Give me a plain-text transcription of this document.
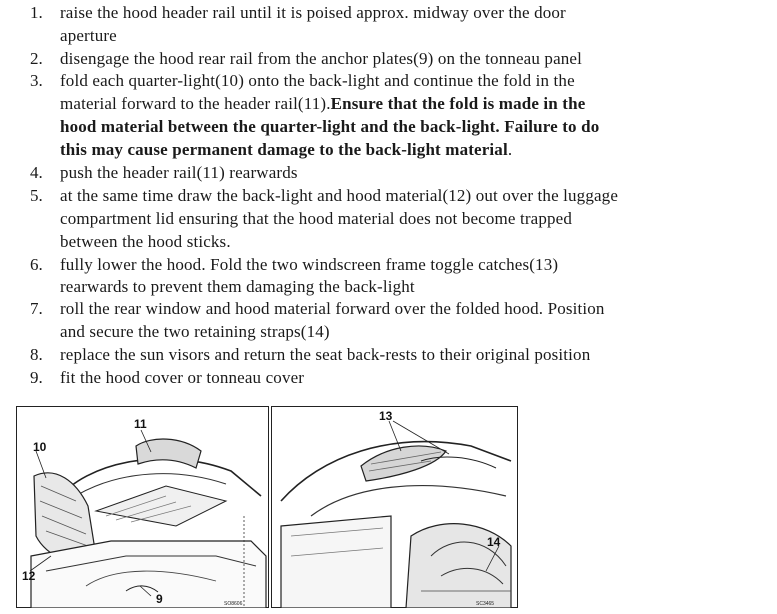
1.	raise the hood header rail until it is poised approx. midway over the door
aperture
2.	disengage the hood rear rail from the anchor plates(9) on the tonneau panel
3.	fold each quarter-light(10) onto the back-light and continue the fold in the
material forward to the header rail(11).Ensure that the fold is made in the
hood material between the quarter-light and the back-light. Failure to do
this may cause permanent damage to the back-light material.
4.	push the header rail(11) rearwards
5.	at the same time draw the back-light and hood material(12) out over the luggage
compartment lid ensuring that the hood material does not become trapped
between the hood sticks.
6.	fully lower the hood. Fold the two windscreen frame toggle catches(13)
rearwards to prevent them damaging the back-light
7.	roll the rear window and hood material forward over the folded hood. Position
and secure the two retaining straps(14)
8.	replace the sun visors and return the seat back-rests to their original position
9.	fit the hood cover or tonneau cover
10
11
12
9	SO8606
13
14
SC3465
